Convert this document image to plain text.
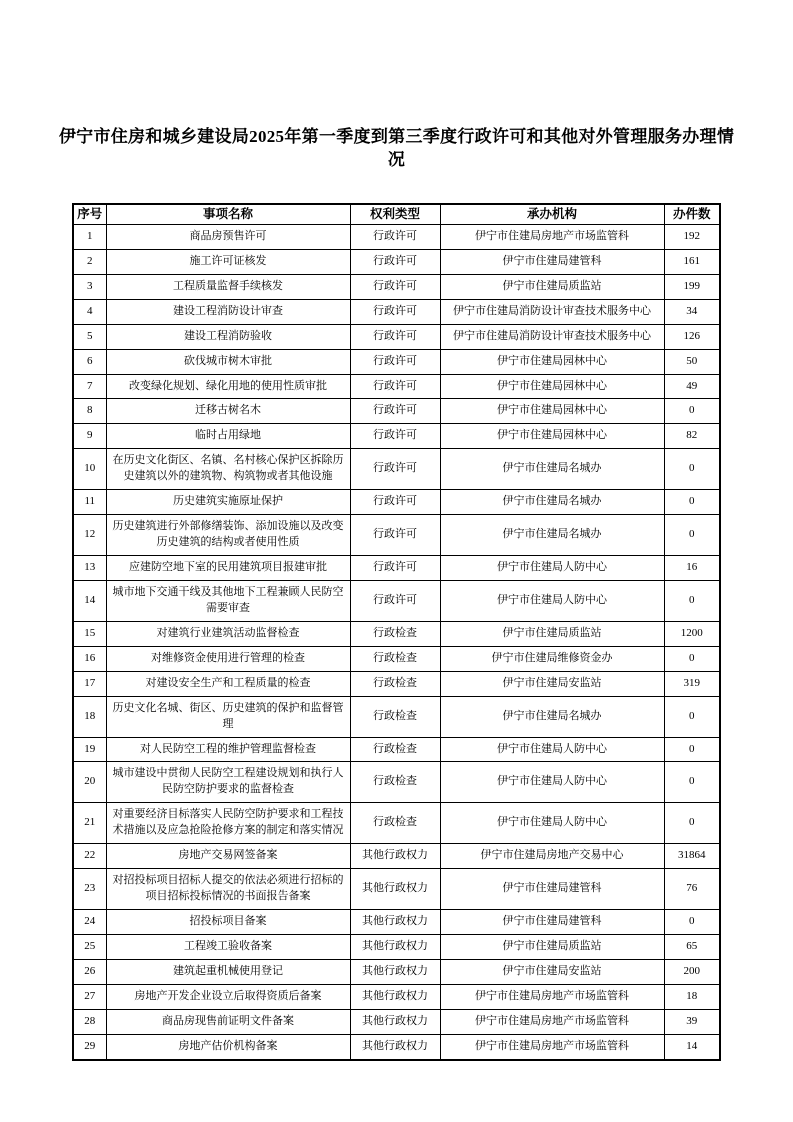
伊宁市住房和城乡建设局2025年第一季度到第三季度行政许可和其他对外管理服务办理情况
序号	事项名称	权利类型	承办机构	办件数
1	商品房预售许可	行政许可	伊宁市住建局房地产市场监管科	192
2	施工许可证核发	行政许可	伊宁市住建局建管科	161
3	工程质量监督手续核发	行政许可	伊宁市住建局质监站	199
4	建设工程消防设计审查	行政许可	伊宁市住建局消防设计审查技术服务中心	34
5	建设工程消防验收	行政许可	伊宁市住建局消防设计审查技术服务中心	126
6	砍伐城市树木审批	行政许可	伊宁市住建局园林中心	50
7	改变绿化规划、绿化用地的使用性质审批	行政许可	伊宁市住建局园林中心	49
8	迁移古树名木	行政许可	伊宁市住建局园林中心	0
9	临时占用绿地	行政许可	伊宁市住建局园林中心	82
10	在历史文化街区、名镇、名村核心保护区拆除历史建筑以外的建筑物、构筑物或者其他设施	行政许可	伊宁市住建局名城办	0
11	历史建筑实施原址保护	行政许可	伊宁市住建局名城办	0
12	历史建筑进行外部修缮装饰、添加设施以及改变历史建筑的结构或者使用性质	行政许可	伊宁市住建局名城办	0
13	应建防空地下室的民用建筑项目报建审批	行政许可	伊宁市住建局人防中心	16
14	城市地下交通干线及其他地下工程兼顾人民防空需要审查	行政许可	伊宁市住建局人防中心	0
15	对建筑行业建筑活动监督检查	行政检查	伊宁市住建局质监站	1200
16	对维修资金使用进行管理的检查	行政检查	伊宁市住建局维修资金办	0
17	对建设安全生产和工程质量的检查	行政检查	伊宁市住建局安监站	319
18	历史文化名城、街区、历史建筑的保护和监督管理	行政检查	伊宁市住建局名城办	0
19	对人民防空工程的维护管理监督检查	行政检查	伊宁市住建局人防中心	0
20	城市建设中贯彻人民防空工程建设规划和执行人民防空防护要求的监督检查	行政检查	伊宁市住建局人防中心	0
21	对重要经济目标落实人民防空防护要求和工程技术措施以及应急抢险抢修方案的制定和落实情况	行政检查	伊宁市住建局人防中心	0
22	房地产交易网签备案	其他行政权力	伊宁市住建局房地产交易中心	31864
23	对招投标项目招标人提交的依法必须进行招标的项目招标投标情况的书面报告备案	其他行政权力	伊宁市住建局建管科	76
24	招投标项目备案	其他行政权力	伊宁市住建局建管科	0
25	工程竣工验收备案	其他行政权力	伊宁市住建局质监站	65
26	建筑起重机械使用登记	其他行政权力	伊宁市住建局安监站	200
27	房地产开发企业设立后取得资质后备案	其他行政权力	伊宁市住建局房地产市场监管科	18
28	商品房现售前证明文件备案	其他行政权力	伊宁市住建局房地产市场监管科	39
29	房地产估价机构备案	其他行政权力	伊宁市住建局房地产市场监管科	14
